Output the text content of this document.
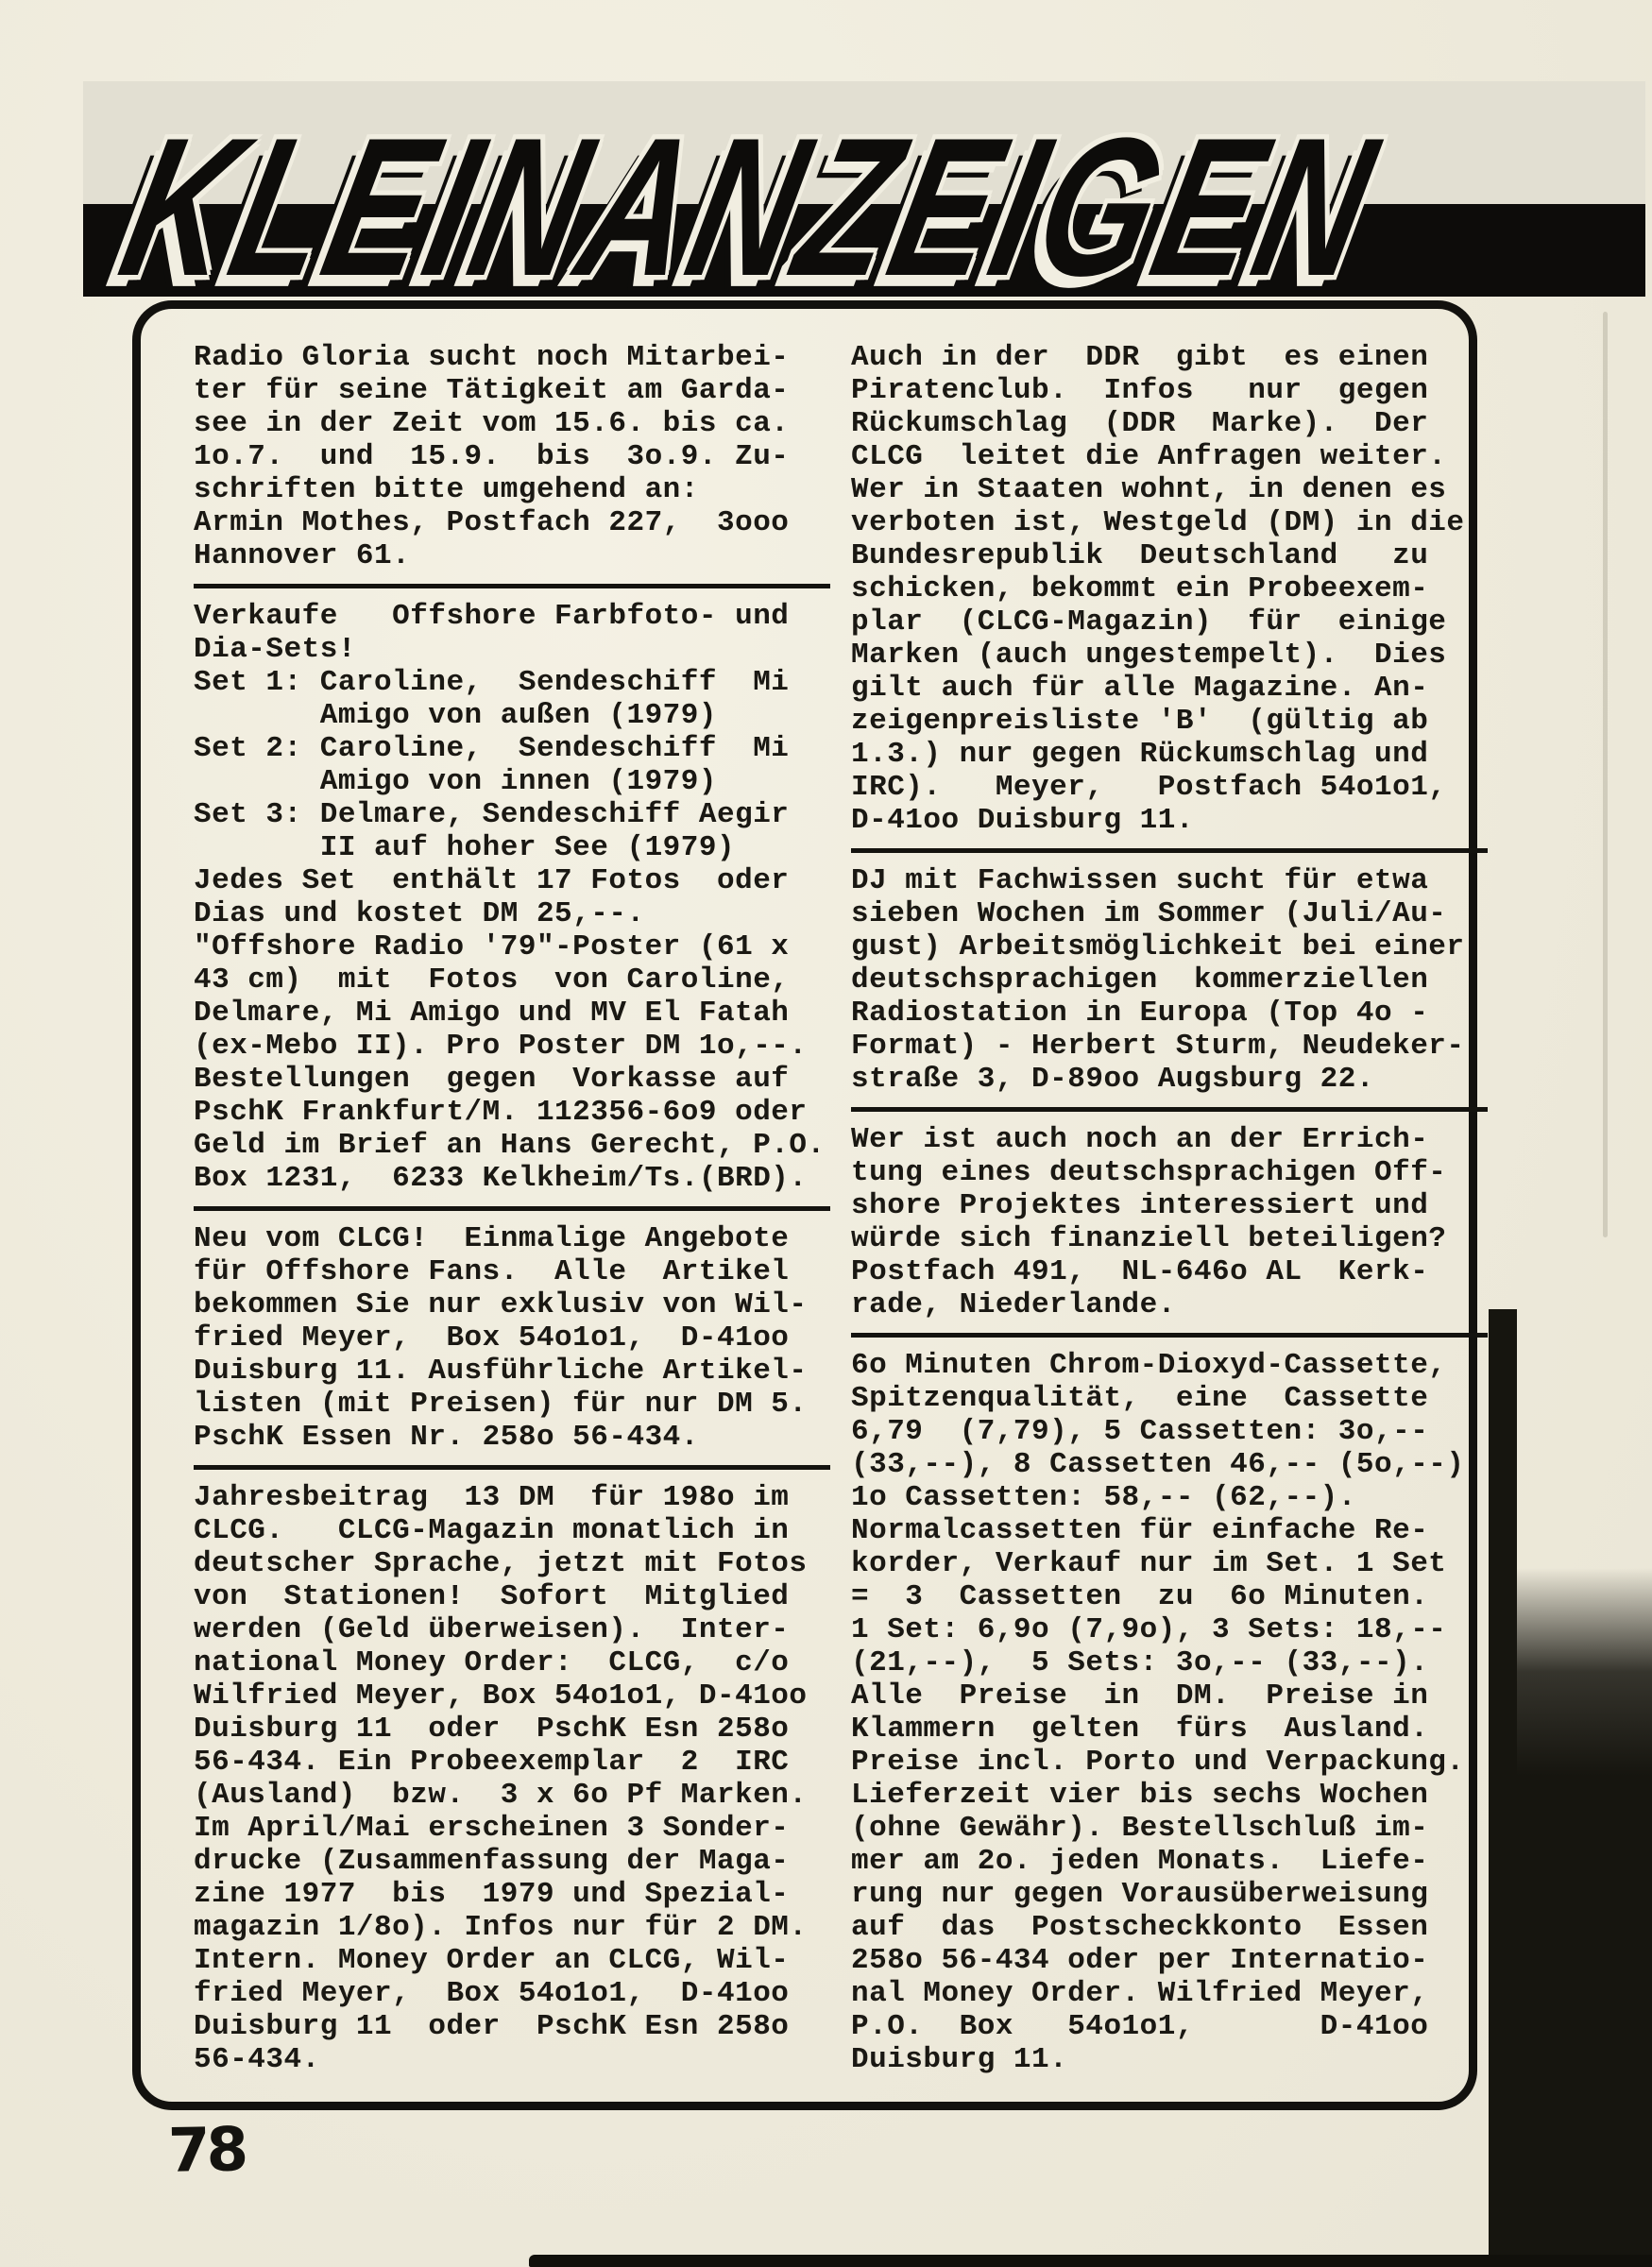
KLEINANZEIGEN
Radio Gloria sucht noch Mitarbei-
ter für seine Tätigkeit am Garda-
see in der Zeit vom 15.6. bis ca.
1o.7.  und  15.9.  bis  3o.9. Zu-
schriften bitte umgehend an:
Armin Mothes, Postfach 227,  3ooo
Hannover 61.
Verkaufe   Offshore Farbfoto- und
Dia-Sets!
Set 1: Caroline,  Sendeschiff  Mi
Amigo von außen (1979)
Set 2: Caroline,  Sendeschiff  Mi
Amigo von innen (1979)
Set 3: Delmare, Sendeschiff Aegir
II auf hoher See (1979)
Jedes Set  enthält 17 Fotos  oder
Dias und kostet DM 25,--.
"Offshore Radio '79"-Poster (61 x
43 cm)  mit  Fotos  von Caroline,
Delmare, Mi Amigo und MV El Fatah
(ex-Mebo II). Pro Poster DM 1o,--.
Bestellungen  gegen  Vorkasse auf
PschK Frankfurt/M. 112356-6o9 oder
Geld im Brief an Hans Gerecht, P.O.
Box 1231,  6233 Kelkheim/Ts.(BRD).
Neu vom CLCG!  Einmalige Angebote
für Offshore Fans.  Alle  Artikel
bekommen Sie nur exklusiv von Wil-
fried Meyer,  Box 54o1o1,  D-41oo
Duisburg 11. Ausführliche Artikel-
listen (mit Preisen) für nur DM 5.
PschK Essen Nr. 258o 56-434.
Jahresbeitrag  13 DM  für 198o im
CLCG.   CLCG-Magazin monatlich in
deutscher Sprache, jetzt mit Fotos
von  Stationen!  Sofort  Mitglied
werden (Geld überweisen).  Inter-
national Money Order:  CLCG,  c/o
Wilfried Meyer, Box 54o1o1, D-41oo
Duisburg 11  oder  PschK Esn 258o
56-434. Ein Probeexemplar  2  IRC
(Ausland)  bzw.  3 x 6o Pf Marken.
Im April/Mai erscheinen 3 Sonder-
drucke (Zusammenfassung der Maga-
zine 1977  bis  1979 und Spezial-
magazin 1/8o). Infos nur für 2 DM.
Intern. Money Order an CLCG, Wil-
fried Meyer,  Box 54o1o1,  D-41oo
Duisburg 11  oder  PschK Esn 258o
56-434.
Auch in der  DDR  gibt  es einen
Piratenclub.  Infos   nur  gegen
Rückumschlag  (DDR  Marke).  Der
CLCG  leitet die Anfragen weiter.
Wer in Staaten wohnt, in denen es
verboten ist, Westgeld (DM) in die
Bundesrepublik  Deutschland   zu
schicken, bekommt ein Probeexem-
plar  (CLCG-Magazin)  für  einige
Marken (auch ungestempelt).  Dies
gilt auch für alle Magazine. An-
zeigenpreisliste 'B'  (gültig ab
1.3.) nur gegen Rückumschlag und
IRC).   Meyer,   Postfach 54o1o1,
D-41oo Duisburg 11.
DJ mit Fachwissen sucht für etwa
sieben Wochen im Sommer (Juli/Au-
gust) Arbeitsmöglichkeit bei einer
deutschsprachigen  kommerziellen
Radiostation in Europa (Top 4o -
Format) - Herbert Sturm, Neudeker-
straße 3, D-89oo Augsburg 22.
Wer ist auch noch an der Errich-
tung eines deutschsprachigen Off-
shore Projektes interessiert und
würde sich finanziell beteiligen?
Postfach 491,  NL-646o AL  Kerk-
rade, Niederlande.
6o Minuten Chrom-Dioxyd-Cassette,
Spitzenqualität,  eine  Cassette
6,79  (7,79), 5 Cassetten: 3o,--
(33,--), 8 Cassetten 46,-- (5o,--)
1o Cassetten: 58,-- (62,--).
Normalcassetten für einfache Re-
korder, Verkauf nur im Set. 1 Set
=  3  Cassetten  zu  6o Minuten.
1 Set: 6,9o (7,9o), 3 Sets: 18,--
(21,--),  5 Sets: 3o,-- (33,--).
Alle  Preise  in  DM.  Preise in
Klammern  gelten  fürs  Ausland.
Preise incl. Porto und Verpackung.
Lieferzeit vier bis sechs Wochen
(ohne Gewähr). Bestellschluß im-
mer am 2o. jeden Monats.  Liefe-
rung nur gegen Vorausüberweisung
auf  das  Postscheckkonto  Essen
258o 56-434 oder per Internatio-
nal Money Order. Wilfried Meyer,
P.O.  Box   54o1o1,       D-41oo
Duisburg 11.
78
